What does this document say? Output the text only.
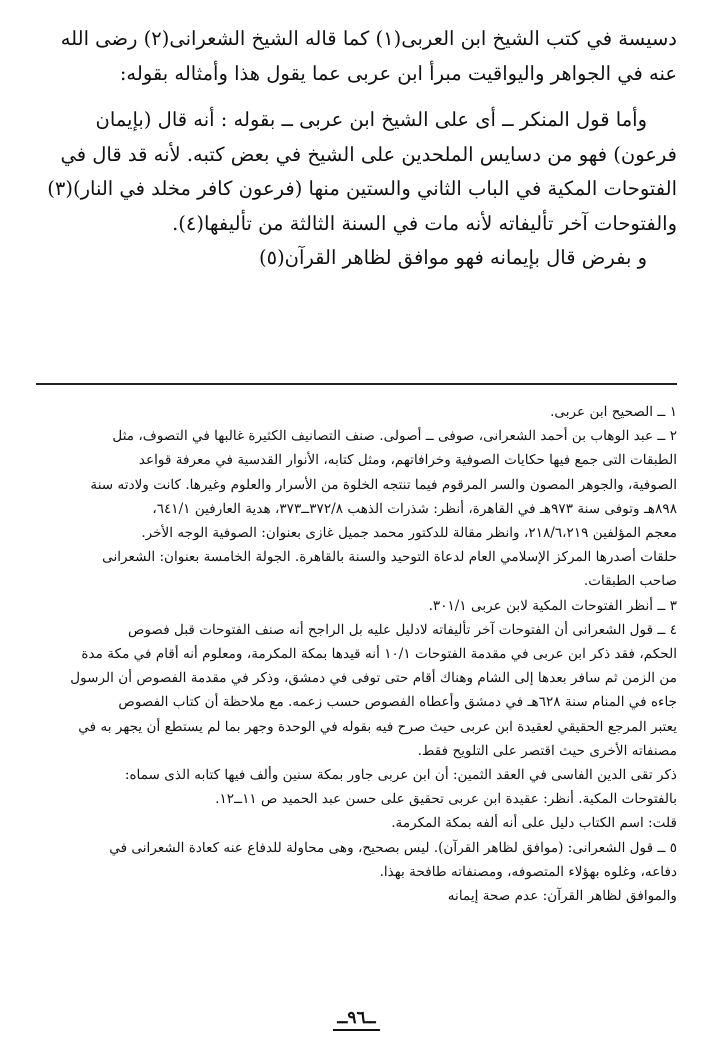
دسيسة في كتب الشيخ ابن العربى(١) كما قاله الشيخ الشعرانى(٢) رضى الله
عنه في الجواهر واليواقيت مبرأ ابن عربى عما يقول هذا وأمثاله بقوله:
وأما قول المنكر ــ أى على الشيخ ابن عربى ــ بقوله : أنه قال (بإيمان
فرعون) فهو من دسايس الملحدين على الشيخ في بعض كتبه. لأنه قد قال في
الفتوحات المكية في الباب الثاني والستين منها (فرعون كافر مخلد في النار)(٣)
والفتوحات آخر تأليفاته لأنه مات في السنة الثالثة من تأليفها(٤).
و بفرض قال بإيمانه فهو موافق لظاهر القرآن(٥)
١ ــ الصحيح ابن عربى.
٢ ــ عبد الوهاب بن أحمد الشعرانى، صوفى ــ أصولى. صنف التصانيف الكثيرة غالبها في التصوف، مثل
الطبقات التى جمع فيها حكايات الصوفية وخرافاتهم، ومثل كتابه، الأنوار القدسية في معرفة قواعد
الصوفية، والجوهر المصون والسر المرقوم فيما تنتجه الخلوة من الأسرار والعلوم وغيرها. كانت ولادته سنة
٨٩٨هـ وتوفى سنة ٩٧٣هـ في القاهرة، أنظر: شذرات الذهب ٣٧٢/٨ــ٣٧٣، هدية العارفين ٦٤١/١،
معجم المؤلفين ٢١٨/٦،٢١٩، وانظر مقالة للدكتور محمد جميل غازى بعنوان: الصوفية الوجه الأخر.
حلقات أصدرها المركز الإسلامي العام لدعاة التوحيد والسنة بالقاهرة. الجولة الخامسة بعنوان: الشعرانى
صاحب الطبقات.
٣ ــ أنظر الفتوحات المكية لابن عربى ٣٠١/١.
٤ ــ قول الشعرانى أن الفتوحات آخر تأليفاته لادليل عليه بل الراجح أنه صنف الفتوحات قبل فصوص
الحكم، فقد ذكر ابن عربى في مقدمة الفتوحات ١٠/١ أنه قيدها بمكة المكرمة، ومعلوم أنه أقام في مكة مدة
من الزمن ثم سافر بعدها إلى الشام وهناك أقام حتى توفى في دمشق، وذكر في مقدمة الفصوص أن الرسول
جاءه في المنام سنة ٦٢٨هـ في دمشق وأعطاه الفصوص حسب زعمه. مع ملاحظة أن كتاب الفصوص
يعتبر المرجع الحقيقي لعقيدة ابن عربى حيث صرح فيه بقوله في الوحدة وجهر بما لم يستطع أن يجهر به في
مصنفاته الأخرى حيث اقتصر على التلويح فقط.
ذكر تقى الدين الفاسى في العقد الثمين: أن ابن عربى جاور بمكة سنين وألف فيها كتابه الذى سماه:
بالفتوحات المكية. أنظر: عقيدة ابن عربى تحقيق على حسن عبد الحميد ص ١١ــ١٢.
قلت: اسم الكتاب دليل على أنه ألفه بمكة المكرمة.
٥ ــ قول الشعرانى: (موافق لظاهر القرآن). ليس بصحيح، وهى محاولة للدفاع عنه كعادة الشعرانى في
دفاعه، وغلوه بهؤلاء المتصوفه، ومصنفاته طافحة بهذا.
والموافق لظاهر القرآن: عدم صحة إيمانه
ــ٩٦ــ
